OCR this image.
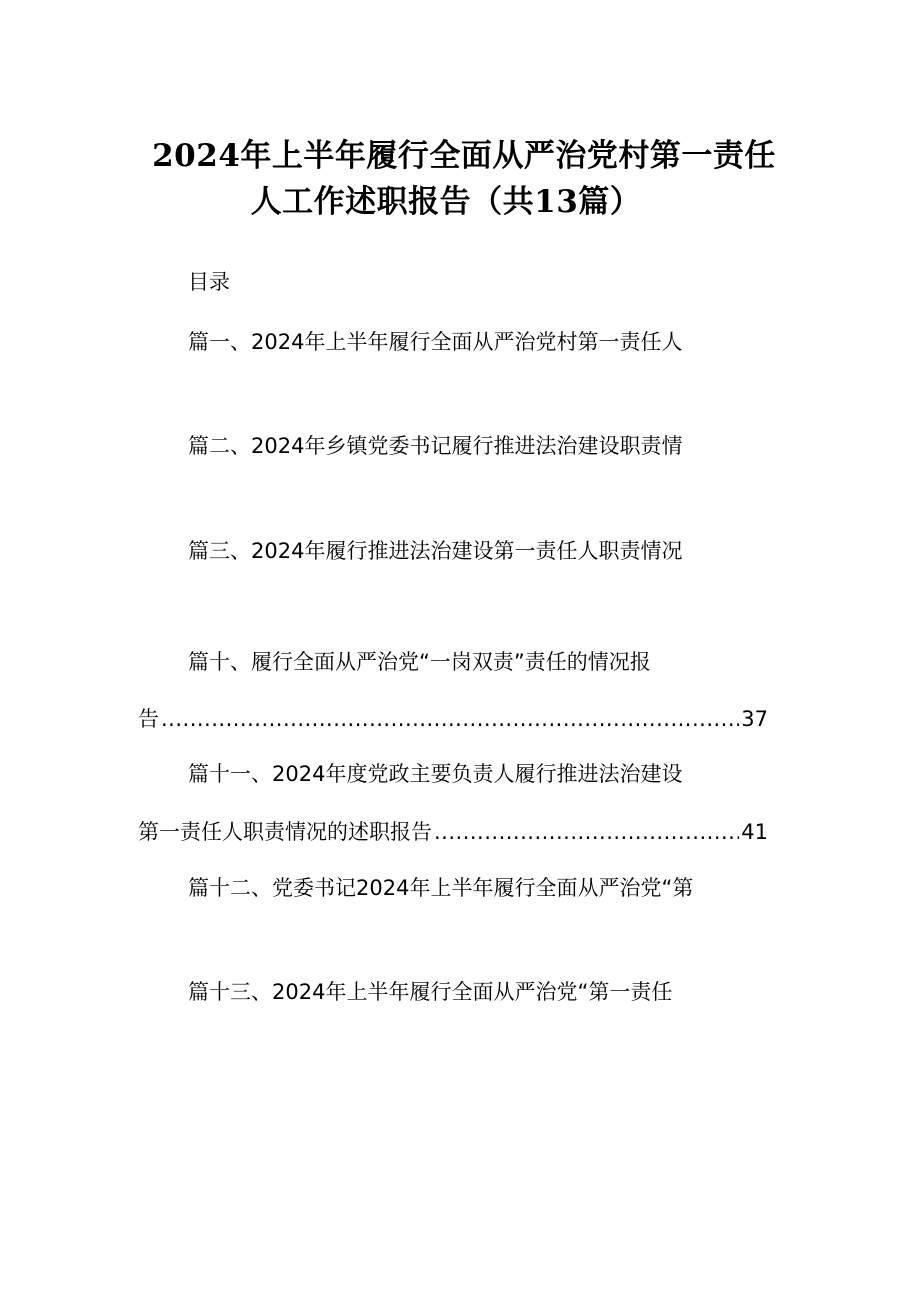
2024年上半年履行全面从严治党村第一责任
人工作述职报告（共13篇）
目录
篇一、2024年上半年履行全面从严治党村第一责任人
篇二、2024年乡镇党委书记履行推进法治建设职责情
篇三、2024年履行推进法治建设第一责任人职责情况
篇十、履行全面从严治党“一岗双责”责任的情况报
告 .....	37
篇十一、2024年度党政主要负责人履行推进法治建设
第一责任人职责情况的述职报告 .....	41
篇十二、党委书记2024年上半年履行全面从严治党“第
篇十三、2024年上半年履行全面从严治党“第一责任
